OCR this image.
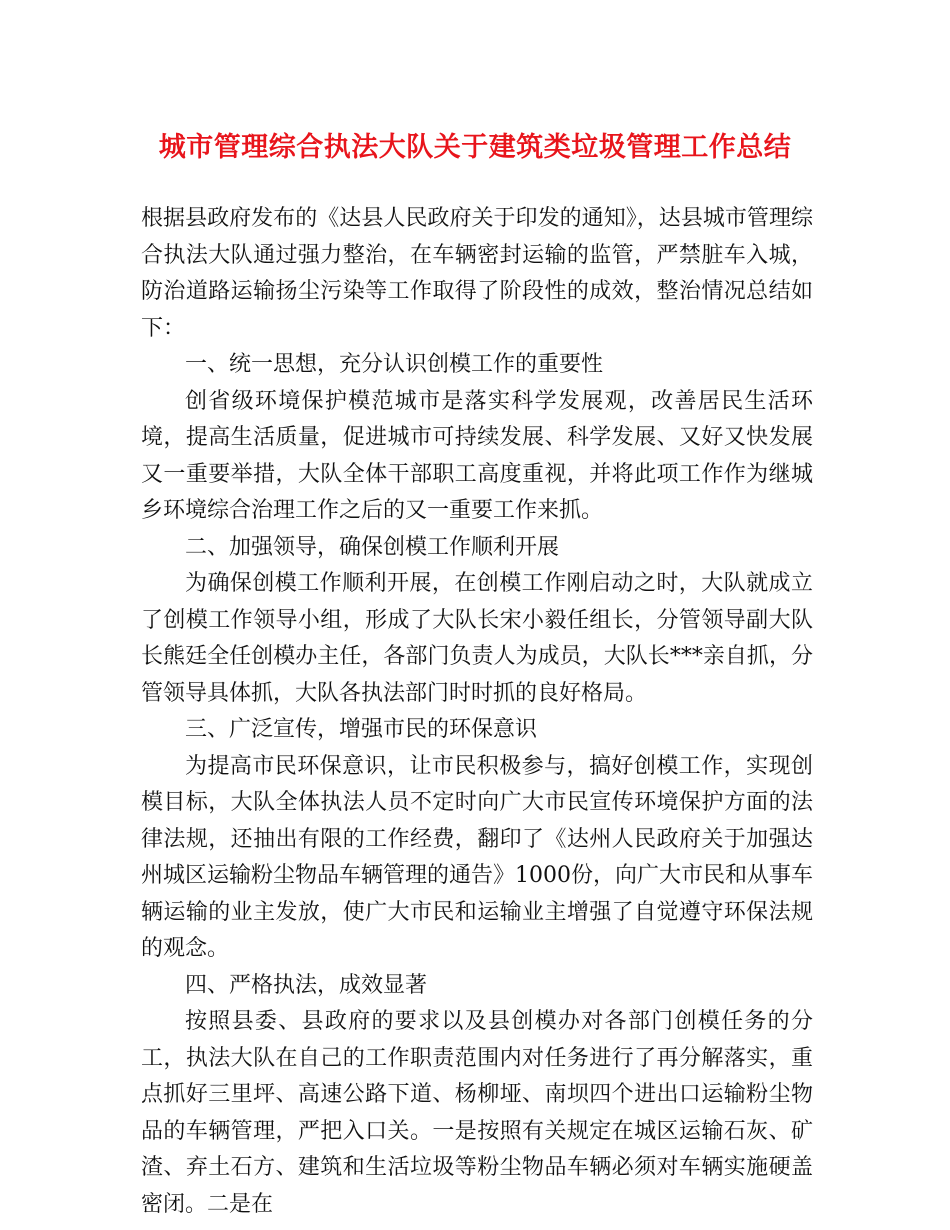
城市管理综合执法大队关于建筑类垃圾管理工作总结

根据县政府发布的《达县人民政府关于印发的通知》，达县城市管理综合执法大队通过强力整治，在车辆密封运输的监管，严禁脏车入城，防治道路运输扬尘污染等工作取得了阶段性的成效，整治情况总结如下：

一、统一思想，充分认识创模工作的重要性

创省级环境保护模范城市是落实科学发展观，改善居民生活环境，提高生活质量，促进城市可持续发展、科学发展、又好又快发展又一重要举措，大队全体干部职工高度重视，并将此项工作作为继城乡环境综合治理工作之后的又一重要工作来抓。

二、加强领导，确保创模工作顺利开展

为确保创模工作顺利开展，在创模工作刚启动之时，大队就成立了创模工作领导小组，形成了大队长宋小毅任组长，分管领导副大队长熊廷全任创模办主任，各部门负责人为成员，大队长***亲自抓，分管领导具体抓，大队各执法部门时时抓的良好格局。

三、广泛宣传，增强市民的环保意识

为提高市民环保意识，让市民积极参与，搞好创模工作，实现创模目标，大队全体执法人员不定时向广大市民宣传环境保护方面的法律法规，还抽出有限的工作经费，翻印了《达州人民政府关于加强达州城区运输粉尘物品车辆管理的通告》1000份，向广大市民和从事车辆运输的业主发放，使广大市民和运输业主增强了自觉遵守环保法规的观念。

四、严格执法，成效显著

按照县委、县政府的要求以及县创模办对各部门创模任务的分工，执法大队在自己的工作职责范围内对任务进行了再分解落实，重点抓好三里坪、高速公路下道、杨柳垭、南坝四个进出口运输粉尘物品的车辆管理，严把入口关。一是按照有关规定在城区运输石灰、矿渣、弃土石方、建筑和生活垃圾等粉尘物品车辆必须对车辆实施硬盖密闭。二是在
